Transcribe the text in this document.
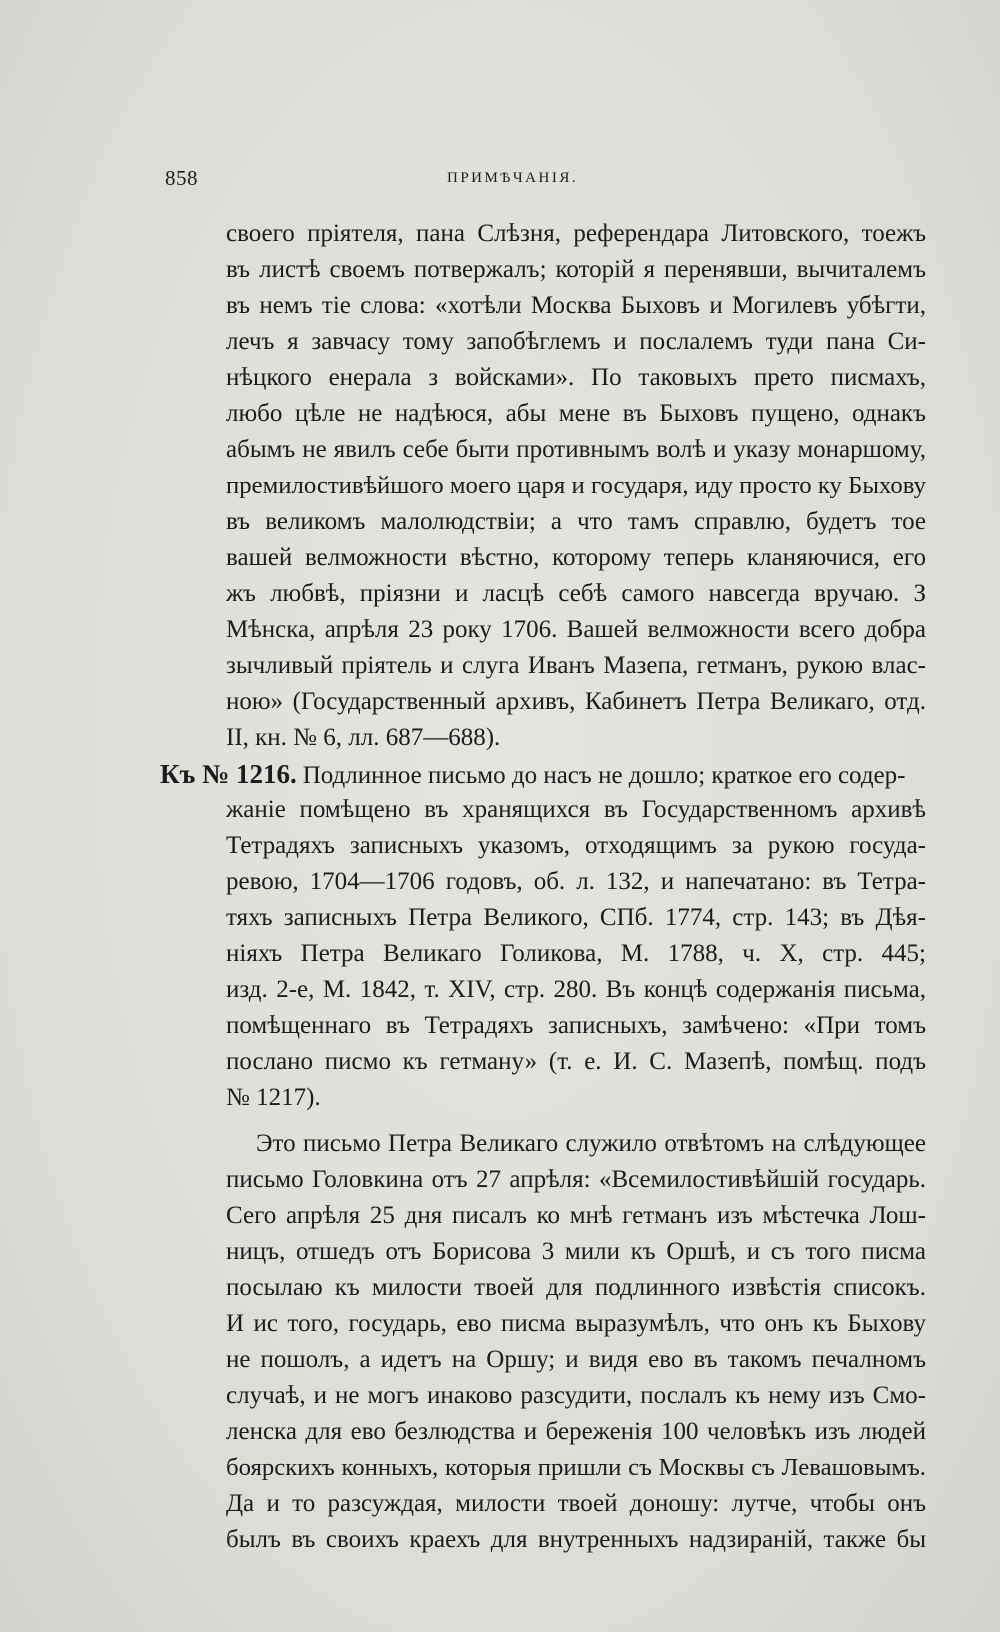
858	ПРИМѢЧАНІЯ.
своего пріятеля, пана Слѣзня, референдара Литовского, тоежъ
въ листѣ своемъ потвержалъ; которій я перенявши, вычиталемъ
въ немъ тіе слова: «хотѣли Москва Быховъ и Могилевъ убѣгти,
лечъ я завчасу тому запобѣглемъ и послалемъ туди пана Си-
нѣцкого енерала з войсками». По таковыхъ прето писмахъ,
любо цѣле не надѣюся, абы мене въ Быховъ пущено, однакъ
абымъ не явилъ себе быти противнымъ волѣ и указу монаршому,
премилостивѣйшого моего царя и государя, иду просто ку Быхову
въ великомъ малолюдствіи; а что тамъ справлю, будетъ тое
вашей велможности вѣстно, которому теперь кланяючися, его
жъ любвѣ, пріязни и ласцѣ себѣ самого навсегда вручаю. З
Мѣнска, апрѣля 23 року 1706. Вашей велможности всего добра
зычливый пріятель и слуга Иванъ Мазепа, гетманъ, рукою влас-
ною» (Государственный архивъ, Кабинетъ Петра Великаго, отд.
II, кн. № 6, лл. 687—688).
Къ № 1216. Подлинное письмо до насъ не дошло; краткое его содер-
жаніе помѣщено въ хранящихся въ Государственномъ архивѣ
Тетрадяхъ записныхъ указомъ, отходящимъ за рукою госуда-
ревою, 1704—1706 годовъ, об. л. 132, и напечатано: въ Тетра-
тяхъ записныхъ Петра Великого, СПб. 1774, стр. 143; въ Дѣя-
ніяхъ Петра Великаго Голикова, М. 1788, ч. X, стр. 445;
изд. 2-е, М. 1842, т. XIV, стр. 280. Въ концѣ содержанія письма,
помѣщеннаго въ Тетрадяхъ записныхъ, замѣчено: «При томъ
послано писмо къ гетману» (т. е. И. С. Мазепѣ, помѣщ. подъ
№ 1217).
Это письмо Петра Великаго служило отвѣтомъ на слѣдующее
письмо Головкина отъ 27 апрѣля: «Всемилостивѣйшій государь.
Сего апрѣля 25 дня писалъ ко мнѣ гетманъ изъ мѣстечка Лош-
ницъ, отшедъ отъ Борисова 3 мили къ Оршѣ, и съ того писма
посылаю къ милости твоей для подлинного извѣстія списокъ.
И ис того, государь, ево писма выразумѣлъ, что онъ къ Быхову
не пошолъ, а идетъ на Оршу; и видя ево въ такомъ печалномъ
случаѣ, и не могъ инаково разсудити, послалъ къ нему изъ Смо-
ленска для ево безлюдства и береженія 100 человѣкъ изъ людей
боярскихъ конныхъ, которыя пришли съ Москвы съ Левашовымъ.
Да и то разсуждая, милости твоей доношу: лутче, чтобы онъ
былъ въ своихъ краехъ для внутренныхъ надзираній, также бы
